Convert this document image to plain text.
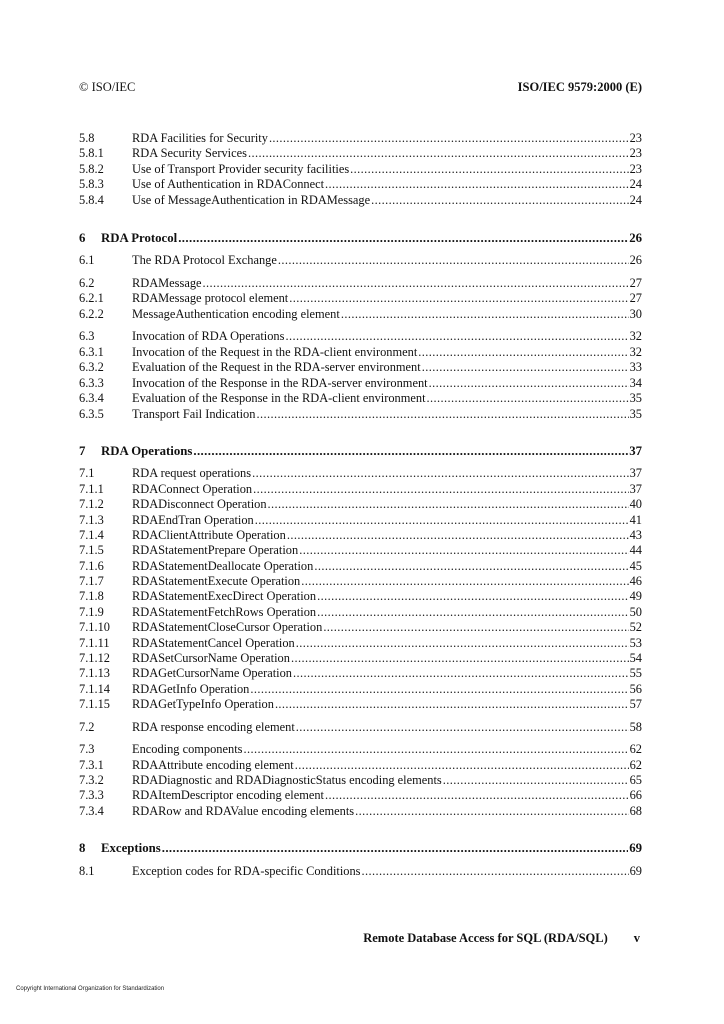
© ISO/IEC	ISO/IEC 9579:2000 (E)
5.8	RDA Facilities for Security .....	23
5.8.1	RDA Security Services .....	23
5.8.2	Use of Transport Provider security facilities .....	23
5.8.3	Use of Authentication in RDAConnect .....	24
5.8.4	Use of MessageAuthentication in RDAMessage .....	24
6	RDA Protocol .....	26
6.1	The RDA Protocol Exchange .....	26
6.2	RDAMessage .....	27
6.2.1	RDAMessage protocol element .....	27
6.2.2	MessageAuthentication encoding element .....	30
6.3	Invocation of RDA Operations .....	32
6.3.1	Invocation of the Request in the RDA-client environment .....	32
6.3.2	Evaluation of the Request in the RDA-server environment .....	33
6.3.3	Invocation of the Response in the RDA-server environment .....	34
6.3.4	Evaluation of the Response in the RDA-client environment .....	35
6.3.5	Transport Fail Indication .....	35
7	RDA Operations .....	37
7.1	RDA request operations .....	37
7.1.1	RDAConnect Operation .....	37
7.1.2	RDADisconnect Operation .....	40
7.1.3	RDAEndTran Operation .....	41
7.1.4	RDAClientAttribute Operation .....	43
7.1.5	RDAStatementPrepare Operation .....	44
7.1.6	RDAStatementDeallocate Operation .....	45
7.1.7	RDAStatementExecute Operation .....	46
7.1.8	RDAStatementExecDirect Operation .....	49
7.1.9	RDAStatementFetchRows Operation .....	50
7.1.10	RDAStatementCloseCursor Operation .....	52
7.1.11	RDAStatementCancel Operation .....	53
7.1.12	RDASetCursorName Operation .....	54
7.1.13	RDAGetCursorName Operation .....	55
7.1.14	RDAGetInfo Operation .....	56
7.1.15	RDAGetTypeInfo Operation .....	57
7.2	RDA response encoding element .....	58
7.3	Encoding components .....	62
7.3.1	RDAAttribute encoding element .....	62
7.3.2	RDADiagnostic and RDADiagnosticStatus encoding elements .....	65
7.3.3	RDAItemDescriptor encoding element .....	66
7.3.4	RDARow and RDAValue encoding elements .....	68
8	Exceptions .....	69
8.1	Exception codes for RDA-specific Conditions .....	69
Remote Database Access for SQL (RDA/SQL) v
Copyright International Organization for Standardization
